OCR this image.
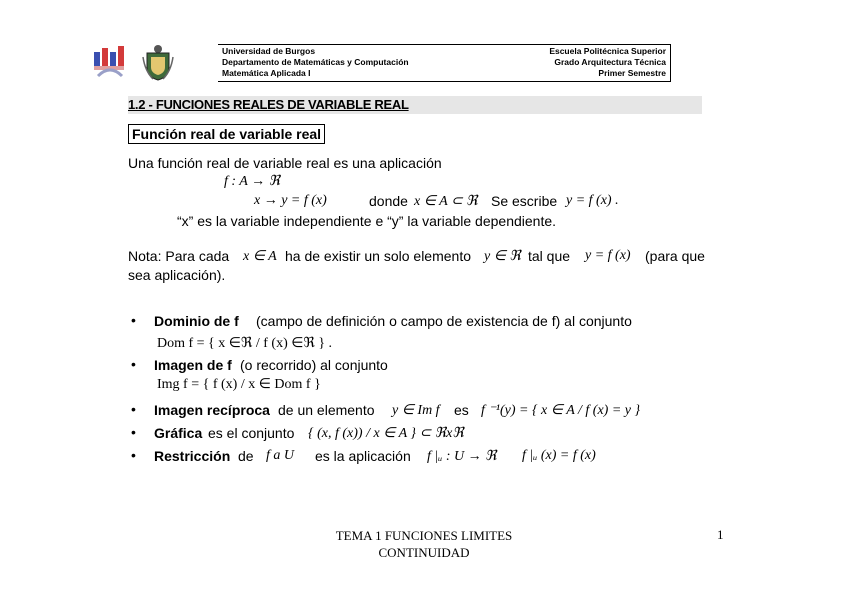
Universidad de Burgos
Departamento de Matemáticas y Computación
Matemática Aplicada I
Escuela Politécnica Superior
Grado Arquitectura Técnica
Primer Semestre
1.2 - FUNCIONES REALES DE VARIABLE REAL
Función real de variable real
Una función real de variable real es una aplicación
f : A → ℜ
x → y = f (x)	donde x ∈ A ⊂ ℜ Se escribe y = f (x) .
“x” es la variable independiente e “y” la variable dependiente.
Nota: Para cada x ∈ A ha de existir un solo elemento y ∈ ℜ tal que y = f (x) (para que
sea aplicación).
• Dominio de f (campo de definición o campo de existencia de f) al conjunto
Dom f = { x ∈ℜ / f (x) ∈ℜ } .
• Imagen de f (o recorrido) al conjunto
Img f = { f (x) / x ∈ Dom f }
• Imagen recíproca de un elemento y ∈ Im f es f ⁻¹(y) = { x ∈ A / f (x) = y }
• Gráfica es el conjunto { (x, f (x)) / x ∈ A } ⊂ ℜxℜ
• Restricción de f a U es la aplicación f |ᵤ : U → ℜ f |ᵤ (x) = f (x)
TEMA 1 FUNCIONES LIMITES
CONTINUIDAD
1
